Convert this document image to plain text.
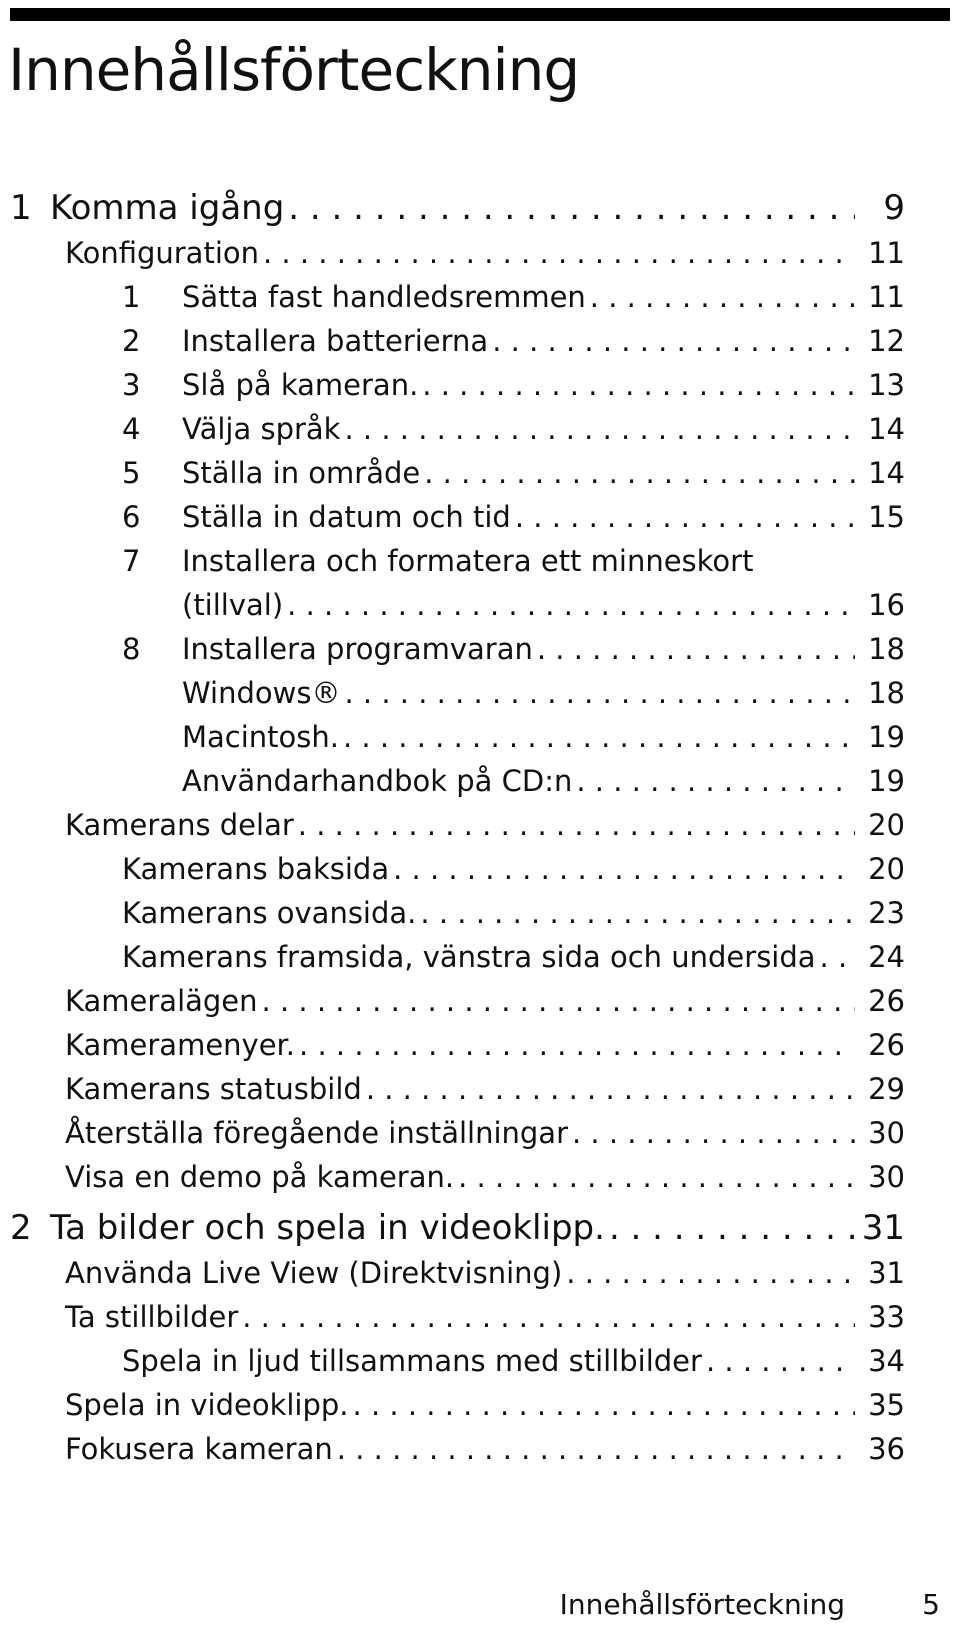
Innehållsförteckning
1 Komma igång . . .	9
Konfiguration . . .	11
1	Sätta fast handledsremmen . . .	11
2	Installera batterierna . . .	12
3	Slå på kameran. . . .	13
4	Välja språk . . .	14
5	Ställa in område . . .	14
6	Ställa in datum och tid . . .	15
7	Installera och formatera ett minneskort
(tillval) . . .	16
8	Installera programvaran . . .	18
Windows® . . .	18
Macintosh. . . .	19
Användarhandbok på CD:n . . .	19
Kamerans delar . . .	20
Kamerans baksida . . .	20
Kamerans ovansida. . . .	23
Kamerans framsida, vänstra sida och undersida . . .	24
Kameralägen . . .	26
Kameramenyer. . . .	26
Kamerans statusbild . . .	29
Återställa föregående inställningar . . .	30
Visa en demo på kameran. . . .	30
2 Ta bilder och spela in videoklipp. . . .	31
Använda Live View (Direktvisning) . . .	31
Ta stillbilder . . .	33
Spela in ljud tillsammans med stillbilder . . .	34
Spela in videoklipp. . . .	35
Fokusera kameran . . .	36
Innehållsförteckning	5
